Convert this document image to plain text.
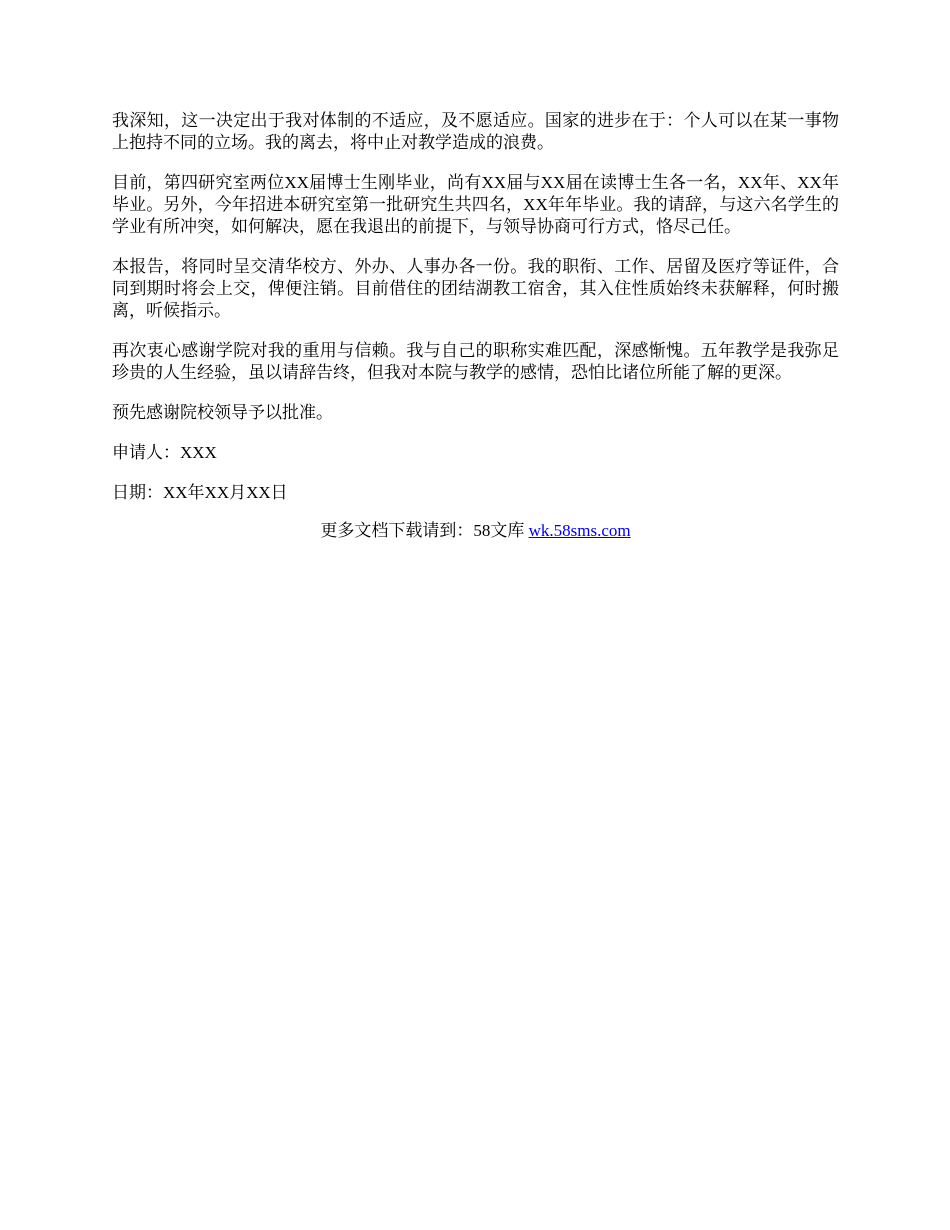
我深知，这一决定出于我对体制的不适应，及不愿适应。国家的进步在于：个人可以在某一事物上抱持不同的立场。我的离去，将中止对教学造成的浪费。

目前，第四研究室两位XX届博士生刚毕业，尚有XX届与XX届在读博士生各一名，XX年、XX年毕业。另外，今年招进本研究室第一批研究生共四名，XX年年毕业。我的请辞，与这六名学生的学业有所冲突，如何解决，愿在我退出的前提下，与领导协商可行方式，恪尽己任。

本报告，将同时呈交清华校方、外办、人事办各一份。我的职衔、工作、居留及医疗等证件，合同到期时将会上交，俾便注销。目前借住的团结湖教工宿舍，其入住性质始终未获解释，何时搬离，听候指示。

再次衷心感谢学院对我的重用与信赖。我与自己的职称实难匹配，深感惭愧。五年教学是我弥足珍贵的人生经验，虽以请辞告终，但我对本院与教学的感情，恐怕比诸位所能了解的更深。

预先感谢院校领导予以批准。

申请人：XXX

日期：XX年XX月XX日

更多文档下载请到：58文库 wk.58sms.com
